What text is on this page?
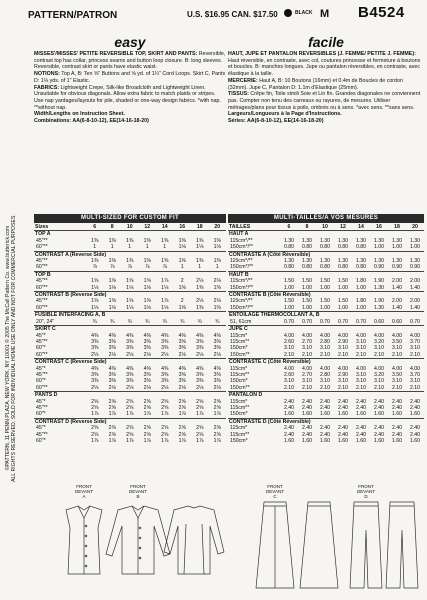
©PATTERN, 11 PENN PLAZA, NEW YORK, NY 10001 © 2005 The McCall Pattern Co. www.butterick.com ALL RIGHTS RESERVED. SOLD FOR INDIVIDUAL HOME USE ONLY AND NOT FOR COMMERCIAL PURPOSES.
PATTERN/PATRON	U.S. $16.95 CAN. $17.50	BLACK M B4524
easy

MISSES'/MISSES' PETITE REVERSIBLE TOP, SKIRT AND PANTS: Reversible, contrast top has collar, princess seams and button loop closure. B: long sleeves. Reversible, contrast skirt or pants have elastic waist.

NOTIONS: Top A, B: Ten ⅝" Buttons and ⅝ yd. of 1¼" Cord Loops. Skirt C, Pants D: 1⅛ yds. of 1" Elastic.

FABRICS: Lightweight Crepe, Silk-like Broadcloth and Lightweight Linen. Unsuitable for obvious diagonals. Allow extra fabric to match plaids or stripes. Use nap yardages/layouts for pile, shaded or one-way design fabrics. *with nap. **without nap.

Width/Lengths on Instruction Sheet.

Combinations: AA(6-8-10-12), EE(14-16-18-20)

facile

HAUT, JUPE ET PANTALON REVERSIBLES (J. FEMME/ PETITE J. FEMME): Haut réversible, en contraste, avec col, coutures princesse et fermeture à boutons et boucles. B: manches longues. Jupe ou pantalon réversibles, en contraste, avec élastique à la taille.

MERCERIE: Haut A, B: 10 Boutons (16mm) et 0.4m de Boucles de cordon (32mm). Jupe C, Pantalon D: 1.1m d'Elastique (25mm).

TISSUS: Crêpe fin, Toile simili Soie et Lin fin. Grandes diagonales ne conviennent pas. Compter non tenu des carreaux ou rayures, de mesures. Utiliser métrages/plans pour tissus à poils, ombrés ou à sens. *avec sens. **sans sens.

Largeurs/Longueurs à la Page d'Instructions.

Séries: AA(6-8-10-12), EE(14-16-18-20)

MULTI-SIZED FOR CUSTOM FIT	MULTI-TAILLES/À VOS MESURES
Sizes	6	8	10	12	14	16	18	20
TOP A								
45"**	1⅜	1⅜	1⅜	1⅜	1⅜	1⅜	1⅜	1⅜
60"**	1	1	1	1	1	1⅛	1⅛	1⅛
CONTRAST A (Reverse Side)								
45"**	1⅜	1⅜	1⅜	1⅜	1⅜	1⅜	1⅜	1⅜
60"**	⅞	⅞	⅞	⅞	⅞	1	1	1
TOP B								
45"**	1⅝	1⅝	1⅝	1⅝	1⅞	2	2⅛	2⅛
60"**	1⅛	1⅛	1⅛	1⅛	1⅛	1⅜	1⅜	1⅜
CONTRAST B (Reverse Side)								
45"**	1⅝	1⅝	1⅝	1⅝	1⅞	2	2⅛	2⅛
60"**	1⅛	1⅛	1⅛	1⅛	1⅛	1⅜	1⅜	1⅜
FUSIBLE INTERFACING A, B								
20", 24"	¾	¾	¾	¾	¾	¾	¾	¾
SKIRT C								
45"*	4⅜	4⅜	4⅜	4⅜	4⅜	4⅜	4⅜	4⅜
45"**	3⅜	3⅜	3⅜	3⅜	3⅜	3⅜	3⅜	3⅜
60"*	3⅜	3⅜	3⅜	3⅜	3⅜	3⅜	3⅜	3⅜
60"**	2⅛	2⅛	2⅛	2⅛	2⅛	2⅛	2⅛	2⅛
CONTRAST C (Reverse Side)								
45"*	4⅜	4⅜	4⅜	4⅜	4⅜	4⅜	4⅜	4⅜
45"**	3⅜	3⅜	3⅜	3⅜	3⅜	3⅜	3⅜	3⅜
60"*	3⅜	3⅜	3⅜	3⅜	3⅜	3⅜	3⅜	3⅜
60"**	2⅛	2⅛	2⅛	2⅛	2⅛	2⅛	2⅛	2⅛
PANTS D								
45"*	2⅝	2⅝	2⅝	2⅝	2⅝	2⅝	2⅝	2⅝
45"**	2⅝	2⅝	2⅝	2⅝	2⅝	2⅝	2⅝	2⅝
60"*	1⅞	1⅞	1⅞	1⅞	1⅞	1⅞	1⅞	1⅞
CONTRAST D (Reverse Side)								
45"*	2⅝	2⅝	2⅝	2⅝	2⅝	2⅝	2⅝	2⅝
45"**	2⅝	2⅝	2⅝	2⅝	2⅝	2⅝	2⅝	2⅝
60"*	1⅞	1⅞	1⅞	1⅞	1⅞	1⅞	1⅞	1⅞
TAILLES	6	8	10	12	14	16	18	20
HAUT A								
115cm*/**	1.30	1.30	1.30	1.30	1.30	1.30	1.30	1.30
150cm*/**	0.80	0.80	0.80	0.80	0.80	1.00	1.00	1.00
CONTRASTE A (Côté Réversible)								
115cm*/**	1.30	1.30	1.30	1.30	1.30	1.30	1.30	1.30
150cm*/**	0.80	0.80	0.80	0.80	0.80	0.90	0.90	0.90
HAUT B								
115cm*/**	1.50	1.50	1.50	1.50	1.80	1.90	2.00	2.00
150cm*/**	1.00	1.00	1.00	1.00	1.00	1.30	1.40	1.40
CONTRASTE B (Côté Réversible)								
115cm*/**	1.50	1.50	1.50	1.50	1.80	1.90	2.00	2.00
150cm*/**	1.00	1.00	1.00	1.00	1.00	1.30	1.40	1.40
ENTOILAGE THERMOCOLLANT A, B								
51, 61cm	0.70	0.70	0.70	0.70	0.70	0.60	0.60	0.70
JUPE C								
115cm*	4.00	4.00	4.00	4.00	4.00	4.00	4.00	4.00
115cm**	2.60	2.70	2.80	2.90	3.10	3.20	3.50	3.70
150cm*	3.10	3.10	3.10	3.10	3.10	3.10	3.10	3.10
150cm**	2.10	2.10	2.10	2.10	2.10	2.10	2.10	2.10
CONTRASTE C (Côté Réversible)								
115cm*	4.00	4.00	4.00	4.00	4.00	4.00	4.00	4.00
115cm**	2.60	2.70	2.80	2.90	3.10	3.20	3.50	3.70
150cm*	3.10	3.10	3.10	3.10	3.10	3.10	3.10	3.10
150cm**	2.10	2.10	2.10	2.10	2.10	2.10	2.10	2.10
PANTALON D								
115cm*	2.40	2.40	2.40	2.40	2.40	2.40	2.40	2.40
115cm**	2.40	2.40	2.40	2.40	2.40	2.40	2.40	2.40
150cm*	1.60	1.60	1.60	1.60	1.60	1.60	1.60	1.60
CONTRASTE D (Côté Réversible)								
115cm*	2.40	2.40	2.40	2.40	2.40	2.40	2.40	2.40
115cm**	2.40	2.40	2.40	2.40	2.40	2.40	2.40	2.40
150cm*	1.60	1.60	1.60	1.60	1.60	1.60	1.60	1.60
FRONT
DEVANT
A
FRONT
DEVANT
B
FRONT
DEVANT
C
FRONT
DEVANT
D
